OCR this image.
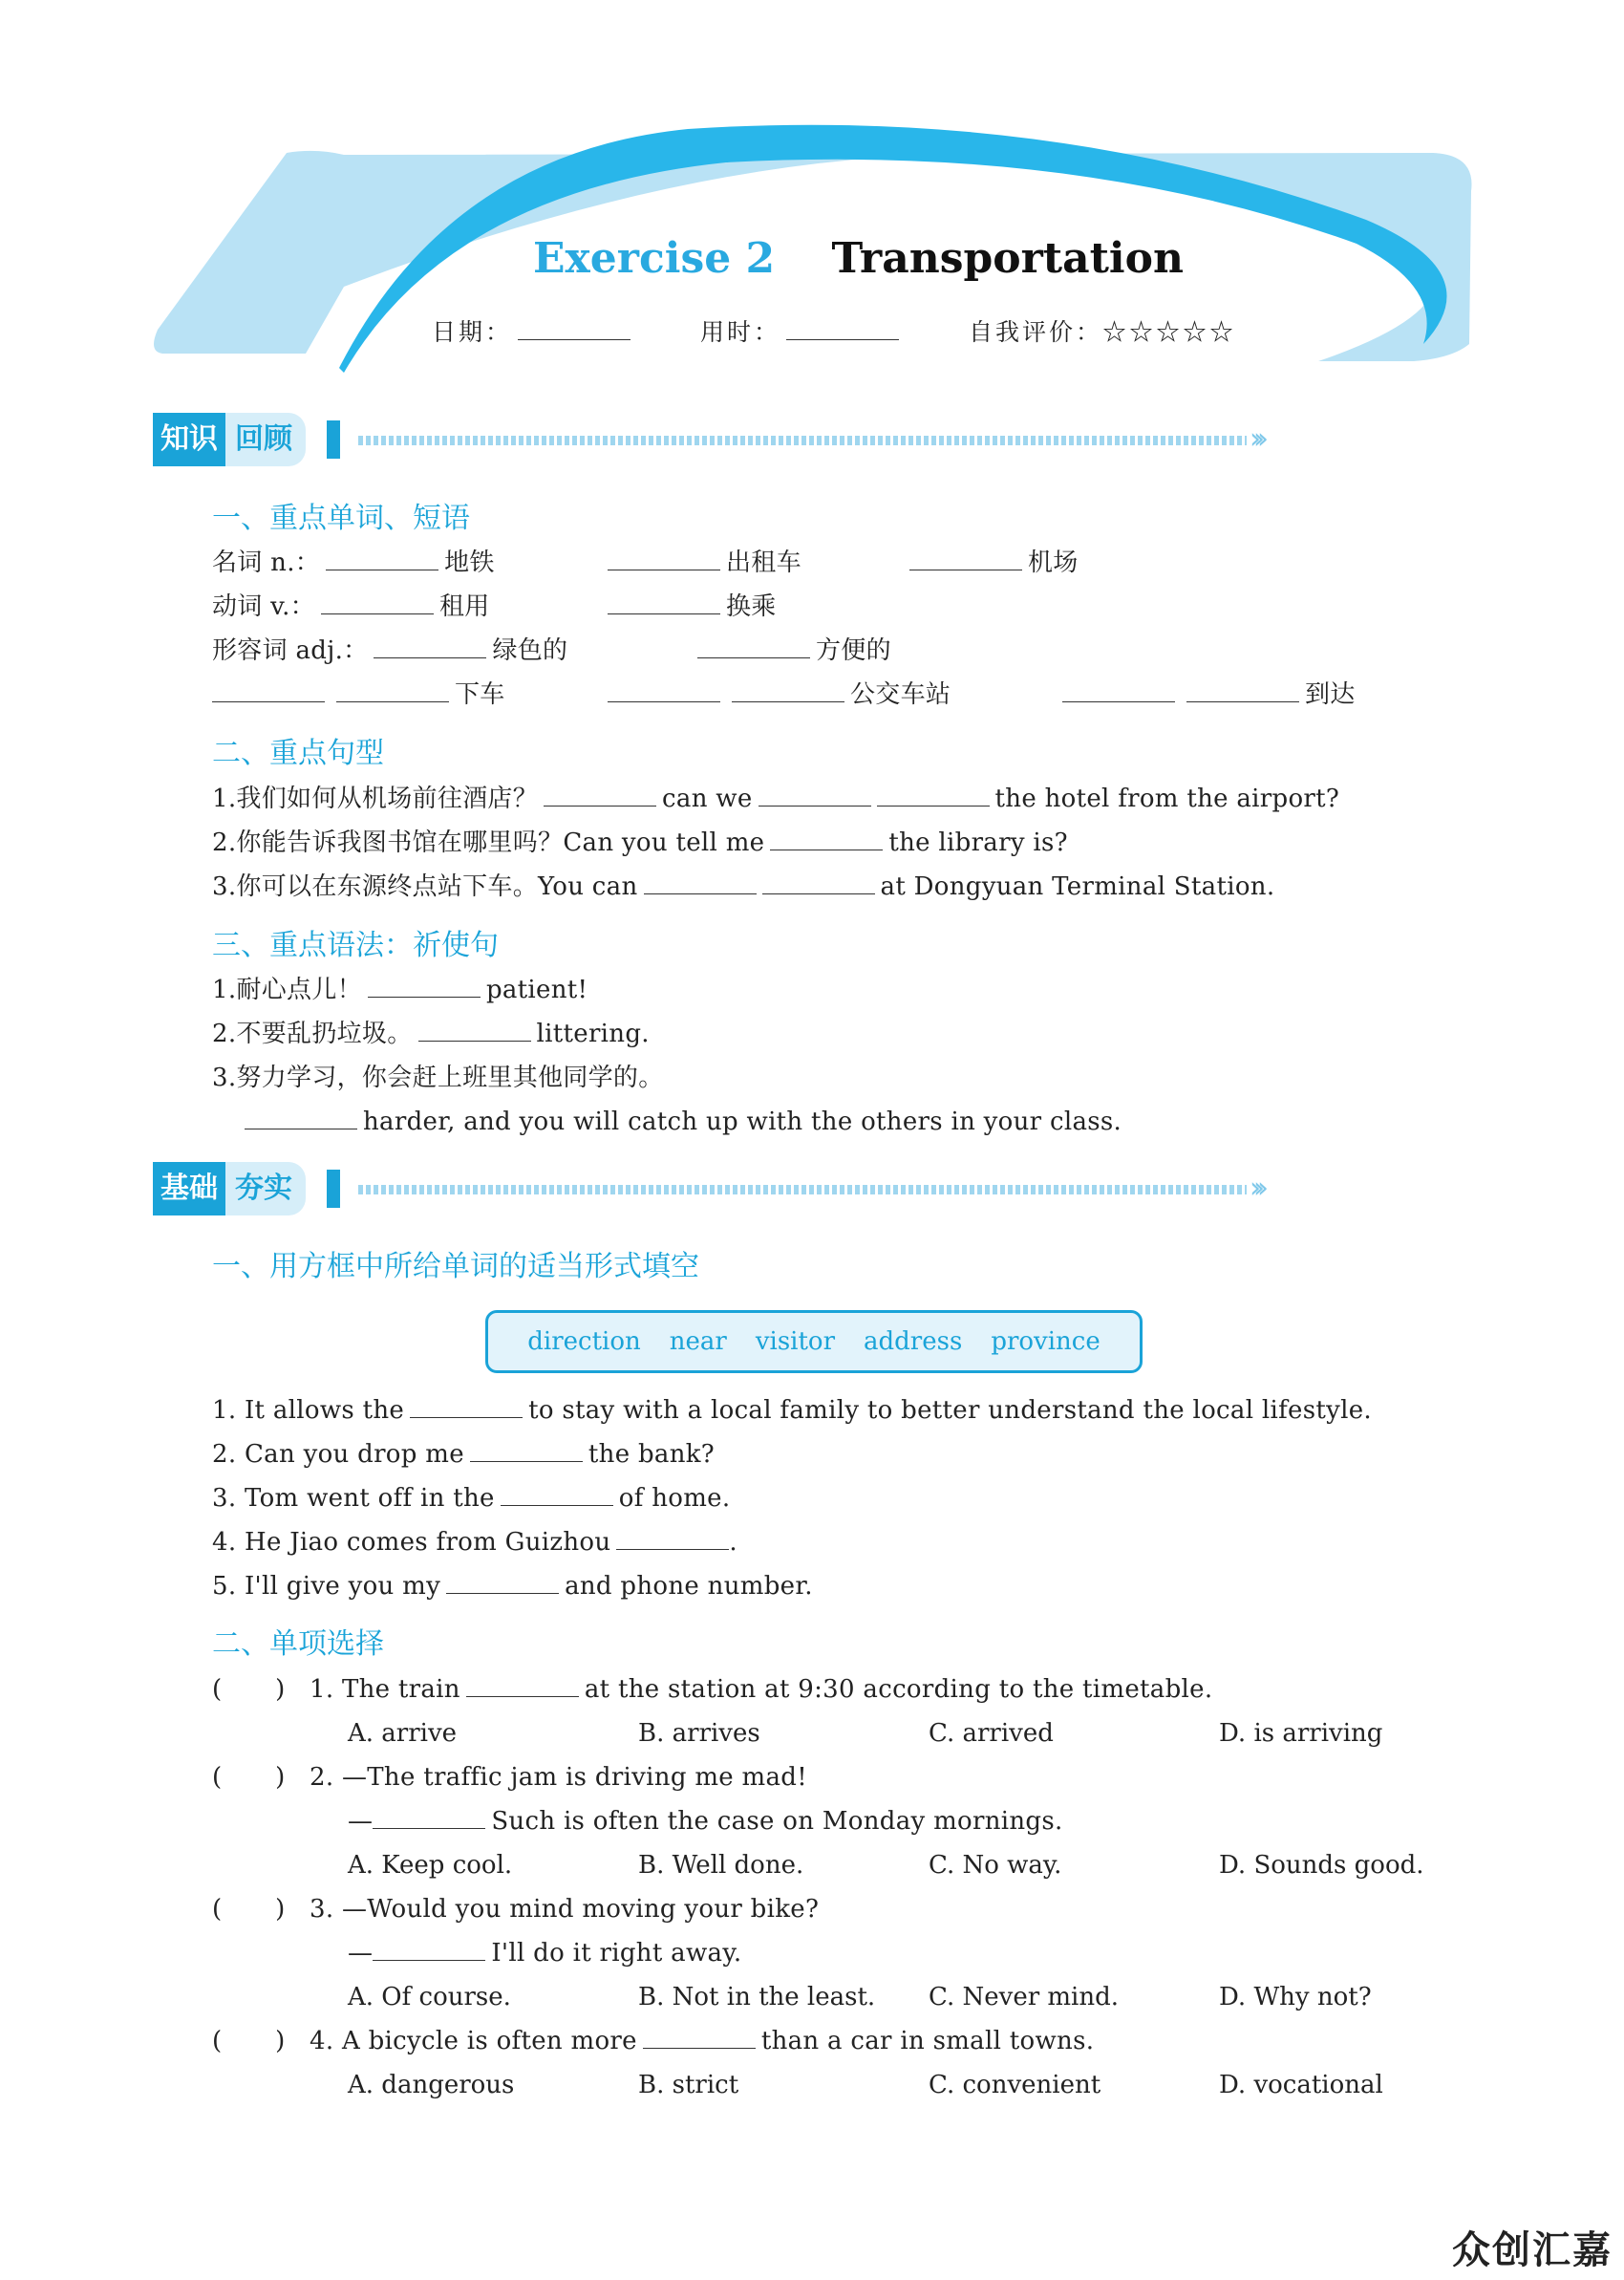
Exercise 2 Transportation
日期：	用时：	自我评价：☆☆☆☆☆
知识 回顾	›››
一、重点单词、短语
名词 n.：	地铁	出租车	机场
动词 v.：	租用	换乘
形容词 adj.：	绿色的	方便的
下车	公交车站	到达
二、重点句型
1.我们如何从机场前往酒店？	can we	the hotel from the airport?
2.你能告诉我图书馆在哪里吗？Can you tell me	the library is?
3.你可以在东源终点站下车。You can	at Dongyuan Terminal Station.
三、重点语法：祈使句
1.耐心点儿！	patient!
2.不要乱扔垃圾。	littering.
3.努力学习，你会赶上班里其他同学的。
harder, and you will catch up with the others in your class.
基础 夯实	›››
一、用方框中所给单词的适当形式填空
direction near visitor address province
1. It allows the	to stay with a local family to better understand the local lifestyle.
2. Can you drop me	the bank?
3. Tom went off in the	of home.
4. He Jiao comes from Guizhou	.
5. I'll give you my	and phone number.
二、单项选择
( ) 1. The train	at the station at 9:30 according to the timetable.
A. arrive	B. arrives	C. arrived	D. is arriving
( ) 2. —The traffic jam is driving me mad!
—	Such is often the case on Monday mornings.
A. Keep cool.	B. Well done.	C. No way.	D. Sounds good.
( ) 3. —Would you mind moving your bike?
—	I'll do it right away.
A. Of course.	B. Not in the least. C. Never mind.	D. Why not?
( ) 4. A bicycle is often more	than a car in small towns.
A. dangerous	B. strict	C. convenient	D. vocational
众创汇嘉
